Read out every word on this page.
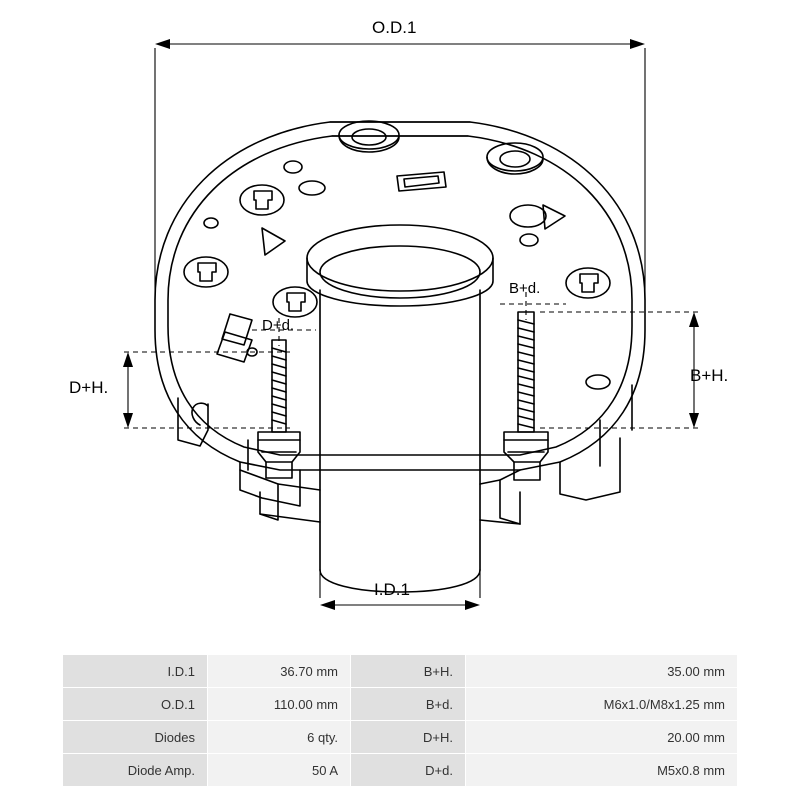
O.D.1
I.D.1
D+H.
D+d.
B+H.
B+d.
I.D.1	36.70 mm	B+H.	35.00 mm
O.D.1	110.00 mm	B+d.	M6x1.0/M8x1.25 mm
Diodes	6 qty.	D+H.	20.00 mm
Diode Amp.	50 A	D+d.	M5x0.8 mm
